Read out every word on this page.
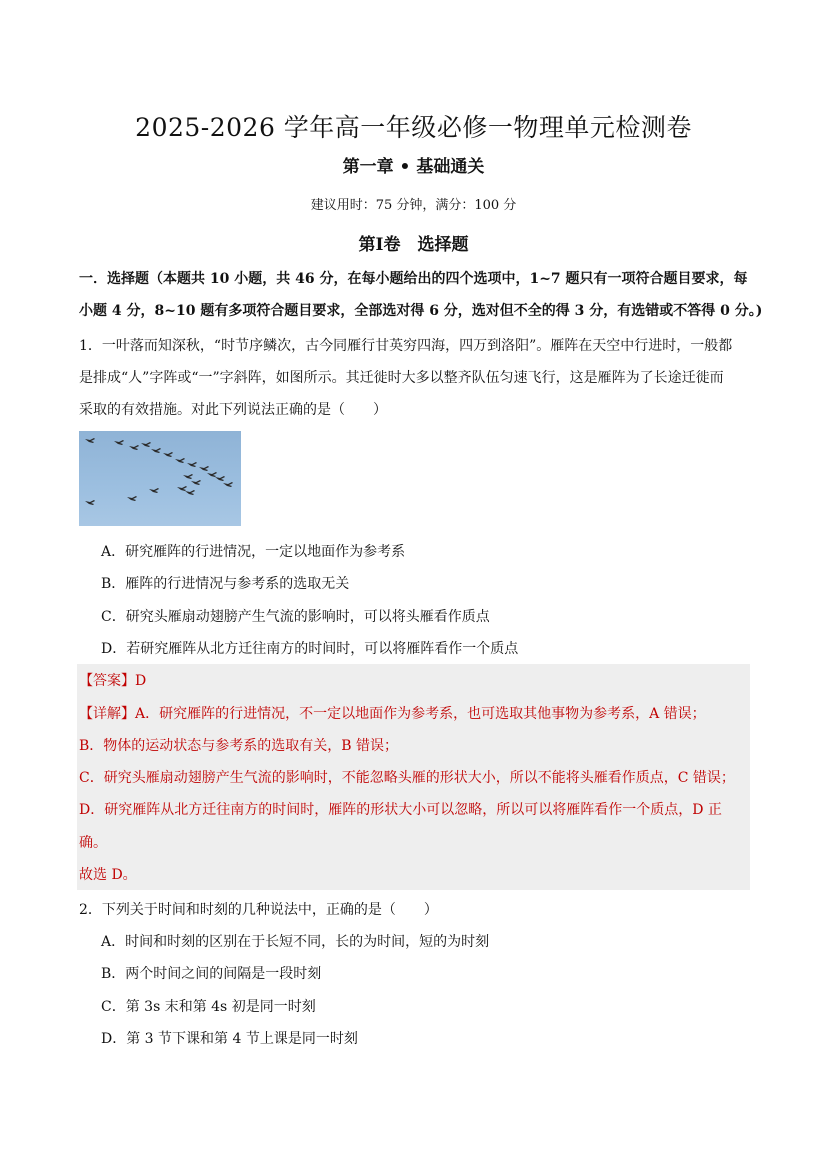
2025-2026 学年高一年级必修一物理单元检测卷
第一章 • 基础通关
建议用时：75 分钟，满分：100 分
第Ⅰ卷　选择题
一．选择题（本题共 10 小题，共 46 分，在每小题给出的四个选项中，1~7 题只有一项符合题目要求，每
小题 4 分，8~10 题有多项符合题目要求，全部选对得 6 分，选对但不全的得 3 分，有选错或不答得 0 分。)
1．一叶落而知深秋，“时节序鳞次，古今同雁行甘英穷四海，四万到洛阳”。雁阵在天空中行进时，一般都
是排成“人”字阵或“一”字斜阵，如图所示。其迁徙时大多以整齐队伍匀速飞行，这是雁阵为了长途迁徙而
采取的有效措施。对此下列说法正确的是（　　）
A．研究雁阵的行进情况，一定以地面作为参考系
B．雁阵的行进情况与参考系的选取无关
C．研究头雁扇动翅膀产生气流的影响时，可以将头雁看作质点
D．若研究雁阵从北方迁往南方的时间时，可以将雁阵看作一个质点
【答案】D
【详解】A．研究雁阵的行进情况，不一定以地面作为参考系，也可选取其他事物为参考系，A 错误；
B．物体的运动状态与参考系的选取有关，B 错误；
C．研究头雁扇动翅膀产生气流的影响时，不能忽略头雁的形状大小，所以不能将头雁看作质点，C 错误；
D．研究雁阵从北方迁往南方的时间时，雁阵的形状大小可以忽略，所以可以将雁阵看作一个质点，D 正
确。
故选 D。
2．下列关于时间和时刻的几种说法中，正确的是（　　）
A．时间和时刻的区别在于长短不同，长的为时间，短的为时刻
B．两个时间之间的间隔是一段时刻
C．第 3s 末和第 4s 初是同一时刻
D．第 3 节下课和第 4 节上课是同一时刻
